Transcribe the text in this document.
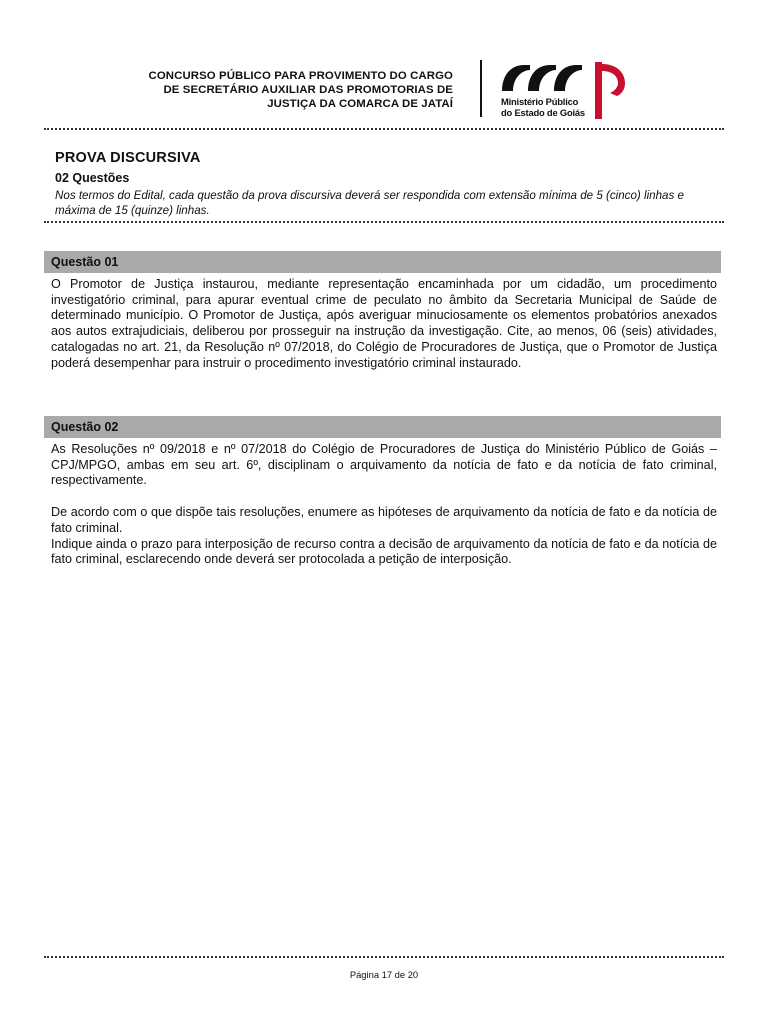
CONCURSO PÚBLICO PARA PROVIMENTO DO CARGO
DE SECRETÁRIO AUXILIAR DAS PROMOTORIAS DE
JUSTIÇA DA COMARCA DE JATAÍ	Ministério Público
do Estado de Goiás
PROVA DISCURSIVA
02 Questões
Nos termos do Edital, cada questão da prova discursiva deverá ser respondida com extensão mínima de 5 (cinco) linhas e máxima de 15 (quinze) linhas.
Questão 01

O Promotor de Justiça instaurou, mediante representação encaminhada por um cidadão, um procedimento investigatório criminal, para apurar eventual crime de peculato no âmbito da Secretaria Municipal de Saúde de determinado município. O Promotor de Justiça, após averiguar minuciosamente os elementos probatórios anexados aos autos extrajudiciais, deliberou por prosseguir na instrução da investigação. Cite, ao menos, 06 (seis) atividades, catalogadas no art. 21, da Resolução nº 07/2018, do Colégio de Procuradores de Justiça, que o Promotor de Justiça poderá desempenhar para instruir o procedimento investigatório criminal instaurado.

Questão 02

As Resoluções nº 09/2018 e nº 07/2018 do Colégio de Procuradores de Justiça do Ministério Público de Goiás – CPJ/MPGO, ambas em seu art. 6º, disciplinam o arquivamento da notícia de fato e da notícia de fato criminal, respectivamente.

De acordo com o que dispõe tais resoluções, enumere as hipóteses de arquivamento da notícia de fato e da notícia de fato criminal.

Indique ainda o prazo para interposição de recurso contra a decisão de arquivamento da notícia de fato e da notícia de fato criminal, esclarecendo onde deverá ser protocolada a petição de interposição.

Página 17 de 20
